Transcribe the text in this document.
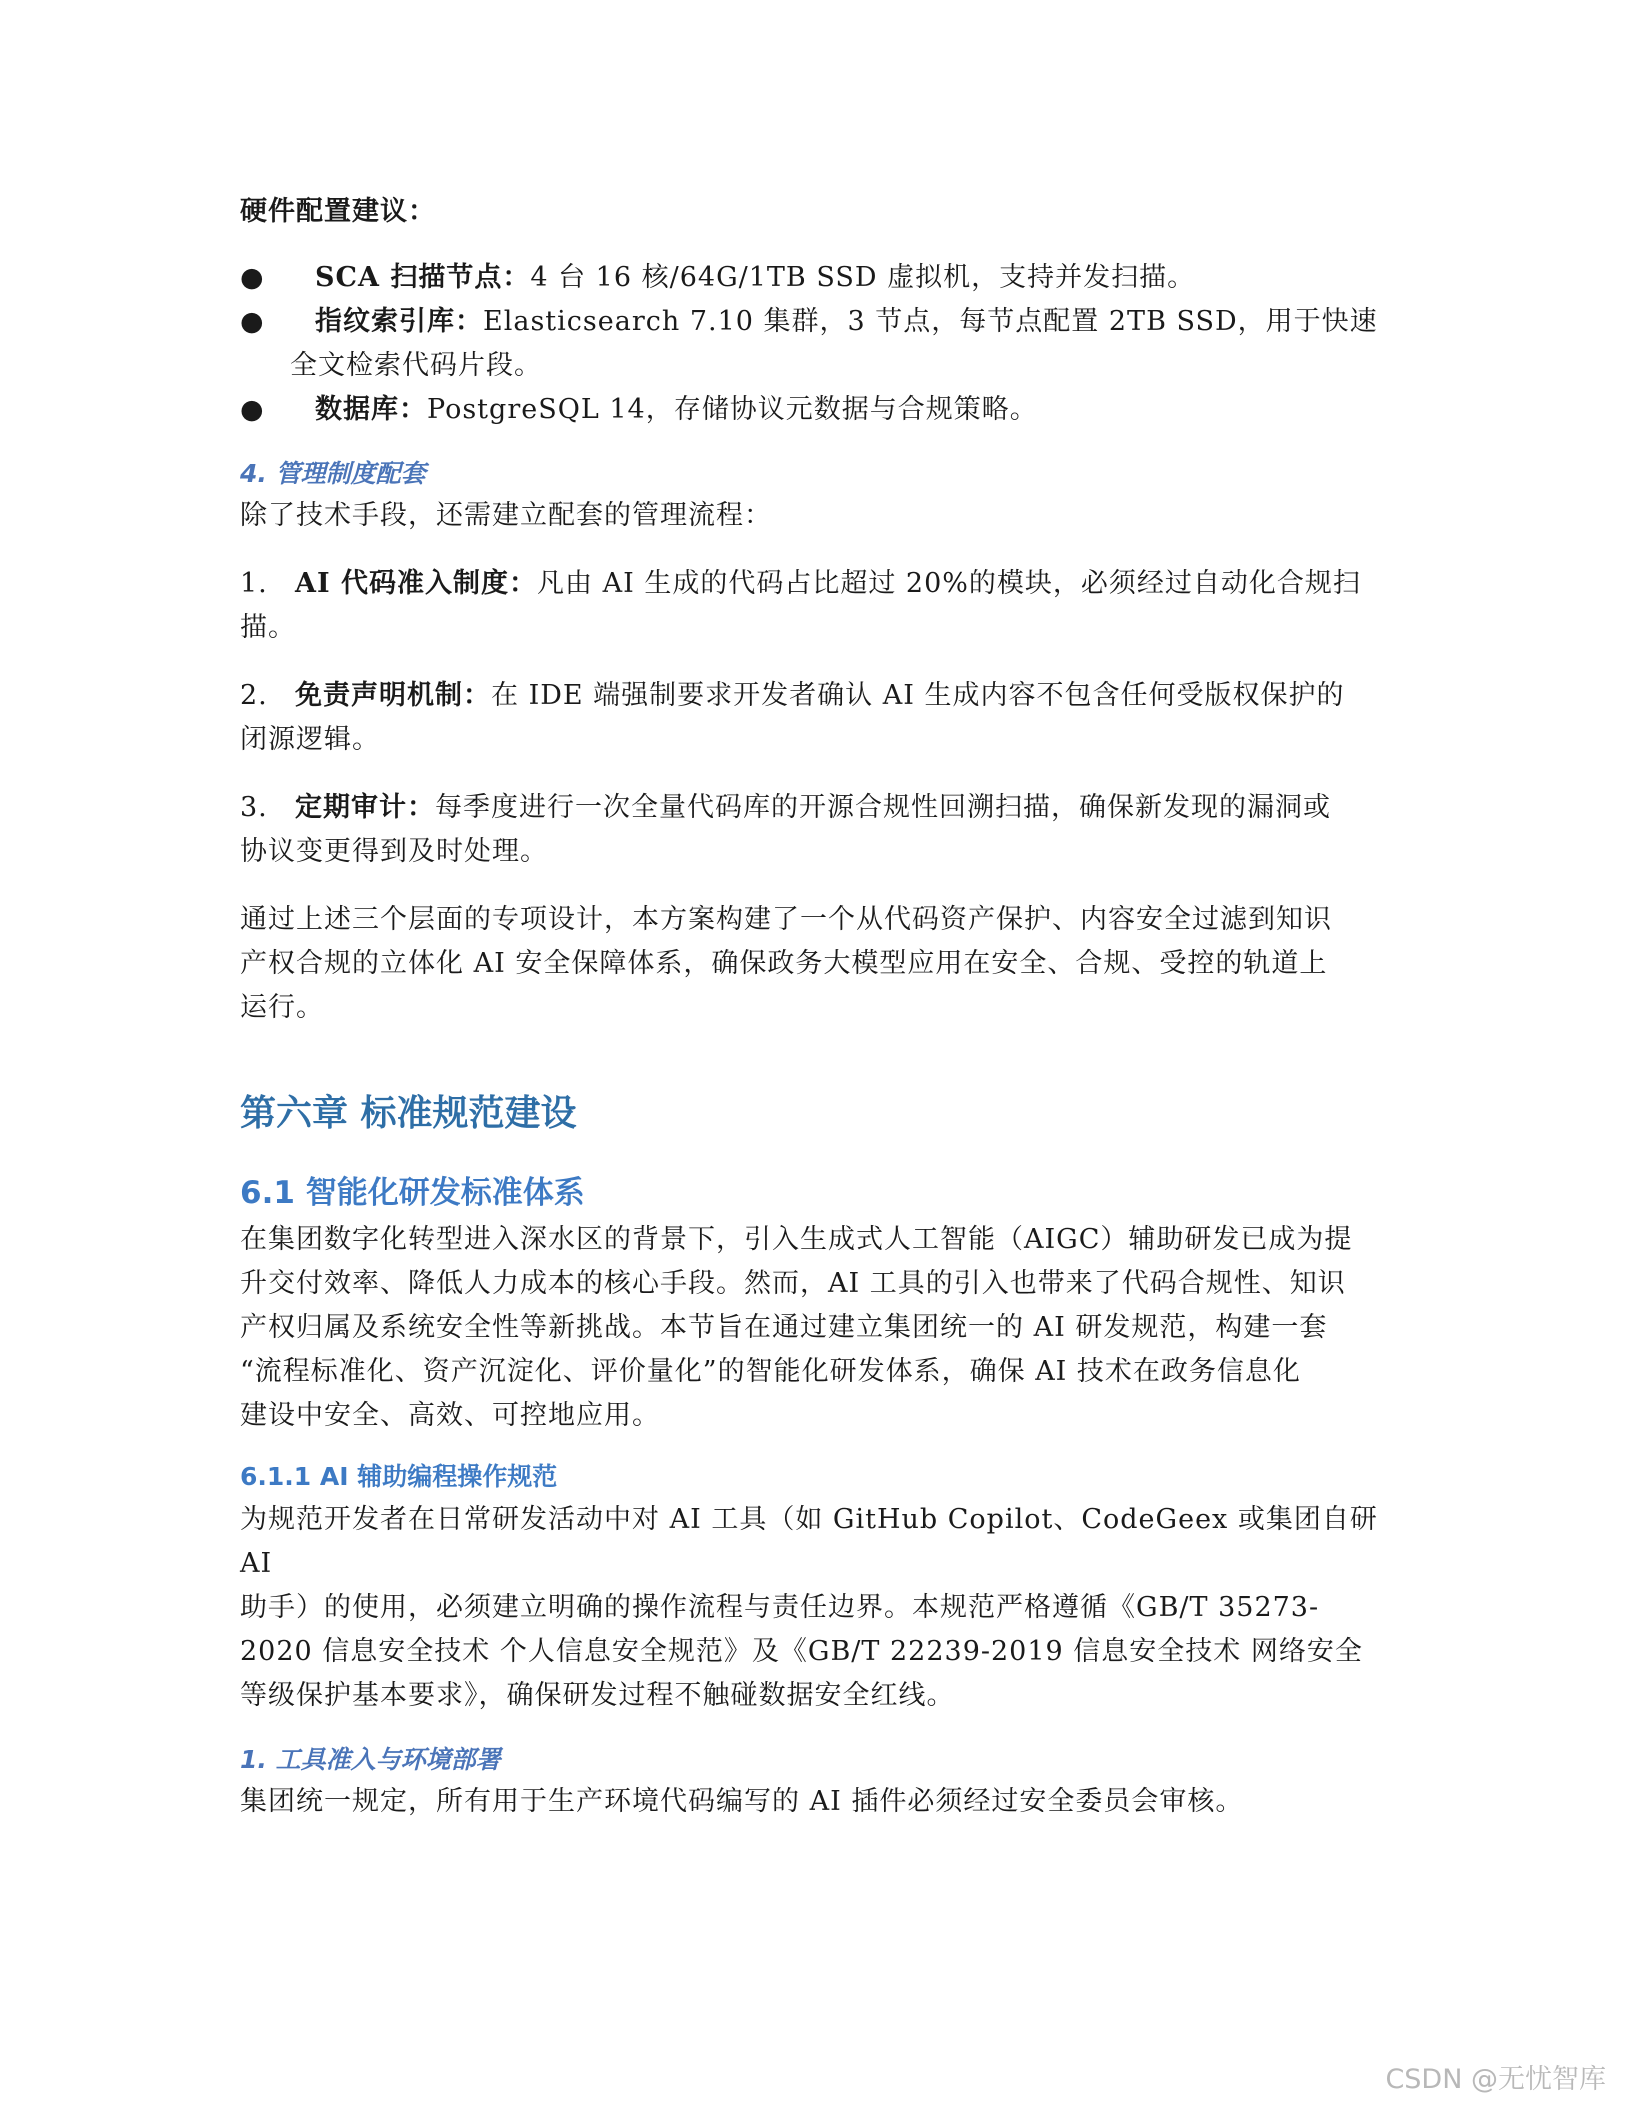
硬件配置建议：

● SCA 扫描节点：4 台 16 核/64G/1TB SSD 虚拟机，支持并发扫描。
● 指纹索引库：Elasticsearch 7.10 集群，3 节点，每节点配置 2TB SSD，用于快速
全文检索代码片段。
● 数据库：PostgreSQL 14，存储协议元数据与合规策略。

4. 管理制度配套

除了技术手段，还需建立配套的管理流程：

1. AI 代码准入制度：凡由 AI 生成的代码占比超过 20%的模块，必须经过自动化合规扫

描。

2. 免责声明机制：在 IDE 端强制要求开发者确认 AI 生成内容不包含任何受版权保护的

闭源逻辑。

3. 定期审计：每季度进行一次全量代码库的开源合规性回溯扫描，确保新发现的漏洞或

协议变更得到及时处理。

通过上述三个层面的专项设计，本方案构建了一个从代码资产保护、内容安全过滤到知识

产权合规的立体化 AI 安全保障体系，确保政务大模型应用在安全、合规、受控的轨道上

运行。

第六章 标准规范建设
6.1 智能化研发标准体系

在集团数字化转型进入深水区的背景下，引入生成式人工智能（AIGC）辅助研发已成为提

升交付效率、降低人力成本的核心手段。然而，AI 工具的引入也带来了代码合规性、知识

产权归属及系统安全性等新挑战。本节旨在通过建立集团统一的 AI 研发规范，构建一套

“流程标准化、资产沉淀化、评价量化”的智能化研发体系，确保 AI 技术在政务信息化

建设中安全、高效、可控地应用。

6.1.1 AI 辅助编程操作规范

为规范开发者在日常研发活动中对 AI 工具（如 GitHub Copilot、CodeGeex 或集团自研 AI

助手）的使用，必须建立明确的操作流程与责任边界。本规范严格遵循《GB/T 35273-

2020 信息安全技术 个人信息安全规范》及《GB/T 22239-2019 信息安全技术 网络安全

等级保护基本要求》，确保研发过程不触碰数据安全红线。

1. 工具准入与环境部署

集团统一规定，所有用于生产环境代码编写的 AI 插件必须经过安全委员会审核。

CSDN @无忧智库
